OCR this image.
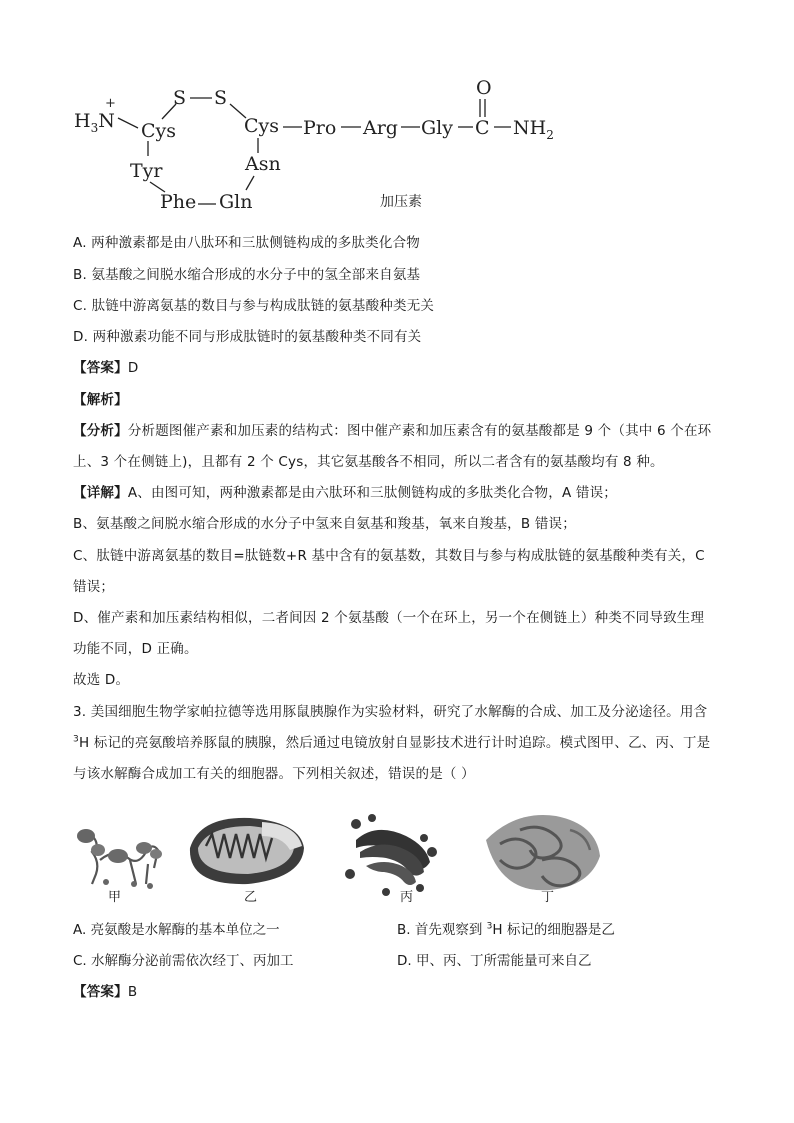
$H_3N$
+
Cys
S S
Cys Pro Arg Gly C
O
$NH_2$
Tyr
Phe Gln
Asn
加压素
A. 两种激素都是由八肽环和三肽侧链构成的多肽类化合物
B. 氨基酸之间脱水缩合形成的水分子中的氢全部来自氨基
C. 肽链中游离氨基的数目与参与构成肽链的氨基酸种类无关
D. 两种激素功能不同与形成肽链时的氨基酸种类不同有关
【答案】D
【解析】
【分析】分析题图催产素和加压素的结构式：图中催产素和加压素含有的氨基酸都是 9 个（其中 6 个在环
上、3 个在侧链上)，且都有 2 个 Cys，其它氨基酸各不相同，所以二者含有的氨基酸均有 8 种。
【详解】A、由图可知，两种激素都是由六肽环和三肽侧链构成的多肽类化合物，A 错误；
B、氨基酸之间脱水缩合形成的水分子中氢来自氨基和羧基，氧来自羧基，B 错误；
C、肽链中游离氨基的数目=肽链数+R 基中含有的氨基数，其数目与参与构成肽链的氨基酸种类有关，C
错误；
D、催产素和加压素结构相似，二者间因 2 个氨基酸（一个在环上，另一个在侧链上）种类不同导致生理
功能不同，D 正确。
故选 D。
3. 美国细胞生物学家帕拉德等选用豚鼠胰腺作为实验材料，研究了水解酶的合成、加工及分泌途径。用含
$^3$H 标记的亮氨酸培养豚鼠的胰腺，然后通过电镜放射自显影技术进行计时追踪。模式图甲、乙、丙、丁是
与该水解酶合成加工有关的细胞器。下列相关叙述，错误的是（ ）
甲	乙	丙	丁
A. 亮氨酸是水解酶的基本单位之一	B. 首先观察到 $^3$H 标记的细胞器是乙
C. 水解酶分泌前需依次经丁、丙加工	D. 甲、丙、丁所需能量可来自乙
【答案】B
